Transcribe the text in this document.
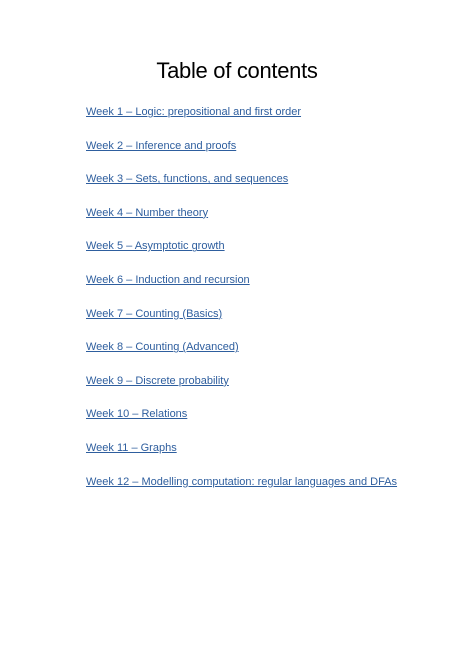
Table of contents
Week 1 – Logic: prepositional and first order
Week 2 – Inference and proofs
Week 3 – Sets, functions, and sequences
Week 4 – Number theory
Week 5 – Asymptotic growth
Week 6 – Induction and recursion
Week 7 – Counting (Basics)
Week 8 – Counting (Advanced)
Week 9 – Discrete probability
Week 10 – Relations
Week 11 – Graphs
Week 12 – Modelling computation: regular languages and DFAs
